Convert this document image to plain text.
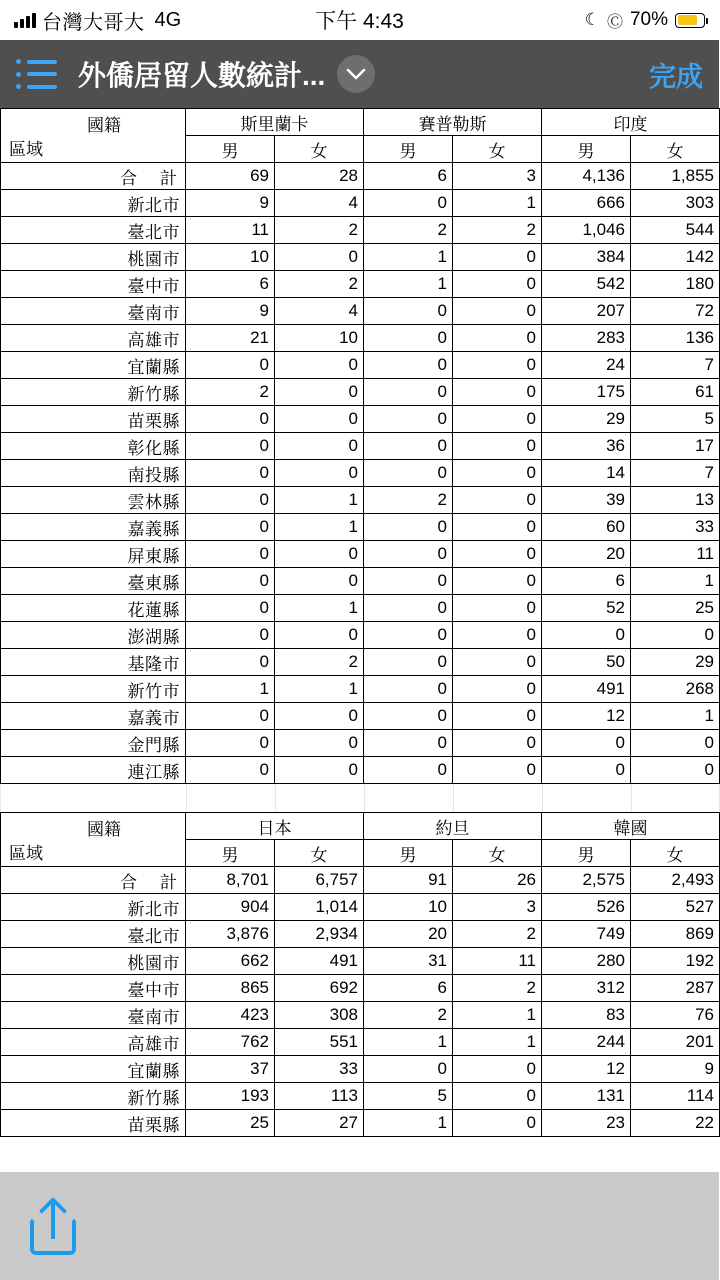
台灣大哥大 4G	下午 4:43	☾ Ⓒ 70%
外僑居留人數統計...	完成
國籍
區域	斯里蘭卡		賽普勒斯		印度	
	男	女	男	女	男	女
合　計	69	28	6	3	4,136	1,855
新北市	9	4	0	1	666	303
臺北市	11	2	2	2	1,046	544
桃園市	10	0	1	0	384	142
臺中市	6	2	1	0	542	180
臺南市	9	4	0	0	207	72
高雄市	21	10	0	0	283	136
宜蘭縣	0	0	0	0	24	7
新竹縣	2	0	0	0	175	61
苗栗縣	0	0	0	0	29	5
彰化縣	0	0	0	0	36	17
南投縣	0	0	0	0	14	7
雲林縣	0	1	2	0	39	13
嘉義縣	0	1	0	0	60	33
屏東縣	0	0	0	0	20	11
臺東縣	0	0	0	0	6	1
花蓮縣	0	1	0	0	52	25
澎湖縣	0	0	0	0	0	0
基隆市	0	2	0	0	50	29
新竹市	1	1	0	0	491	268
嘉義市	0	0	0	0	12	1
金門縣	0	0	0	0	0	0
連江縣	0	0	0	0	0	0
國籍
區域	日本		約旦		韓國	
	男	女	男	女	男	女
合　計	8,701	6,757	91	26	2,575	2,493
新北市	904	1,014	10	3	526	527
臺北市	3,876	2,934	20	2	749	869
桃園市	662	491	31	11	280	192
臺中市	865	692	6	2	312	287
臺南市	423	308	2	1	83	76
高雄市	762	551	1	1	244	201
宜蘭縣	37	33	0	0	12	9
新竹縣	193	113	5	0	131	114
苗栗縣	25	27	1	0	23	22
